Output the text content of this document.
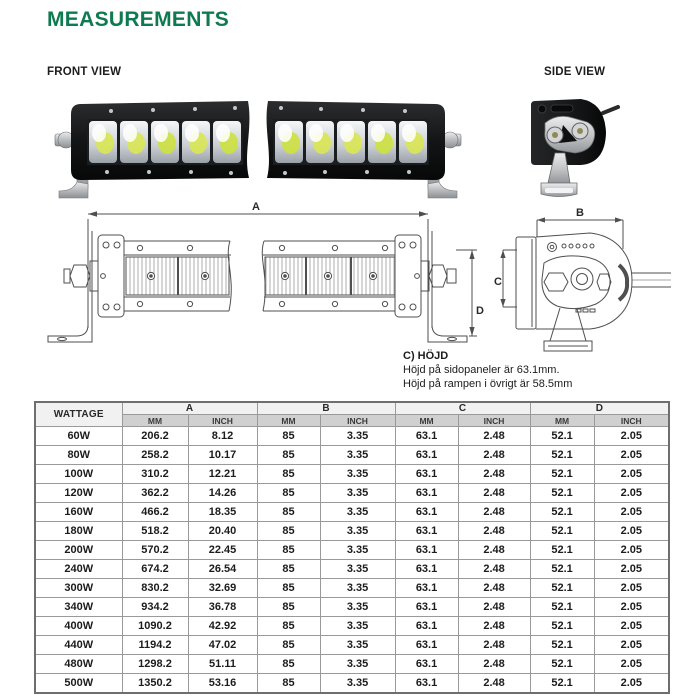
MEASUREMENTS
FRONT VIEW	SIDE VIEW
A
D
B
C
C) HÖJD
Höjd på sidopaneler är 63.1mm.
Höjd på rampen i övrigt är 58.5mm
WATTAGE	A		B		C		D	
	MM	INCH	MM	INCH	MM	INCH	MM	INCH
60W	206.2	8.12	85	3.35	63.1	2.48	52.1	2.05
80W	258.2	10.17	85	3.35	63.1	2.48	52.1	2.05
100W	310.2	12.21	85	3.35	63.1	2.48	52.1	2.05
120W	362.2	14.26	85	3.35	63.1	2.48	52.1	2.05
160W	466.2	18.35	85	3.35	63.1	2.48	52.1	2.05
180W	518.2	20.40	85	3.35	63.1	2.48	52.1	2.05
200W	570.2	22.45	85	3.35	63.1	2.48	52.1	2.05
240W	674.2	26.54	85	3.35	63.1	2.48	52.1	2.05
300W	830.2	32.69	85	3.35	63.1	2.48	52.1	2.05
340W	934.2	36.78	85	3.35	63.1	2.48	52.1	2.05
400W	1090.2	42.92	85	3.35	63.1	2.48	52.1	2.05
440W	1194.2	47.02	85	3.35	63.1	2.48	52.1	2.05
480W	1298.2	51.11	85	3.35	63.1	2.48	52.1	2.05
500W	1350.2	53.16	85	3.35	63.1	2.48	52.1	2.05
